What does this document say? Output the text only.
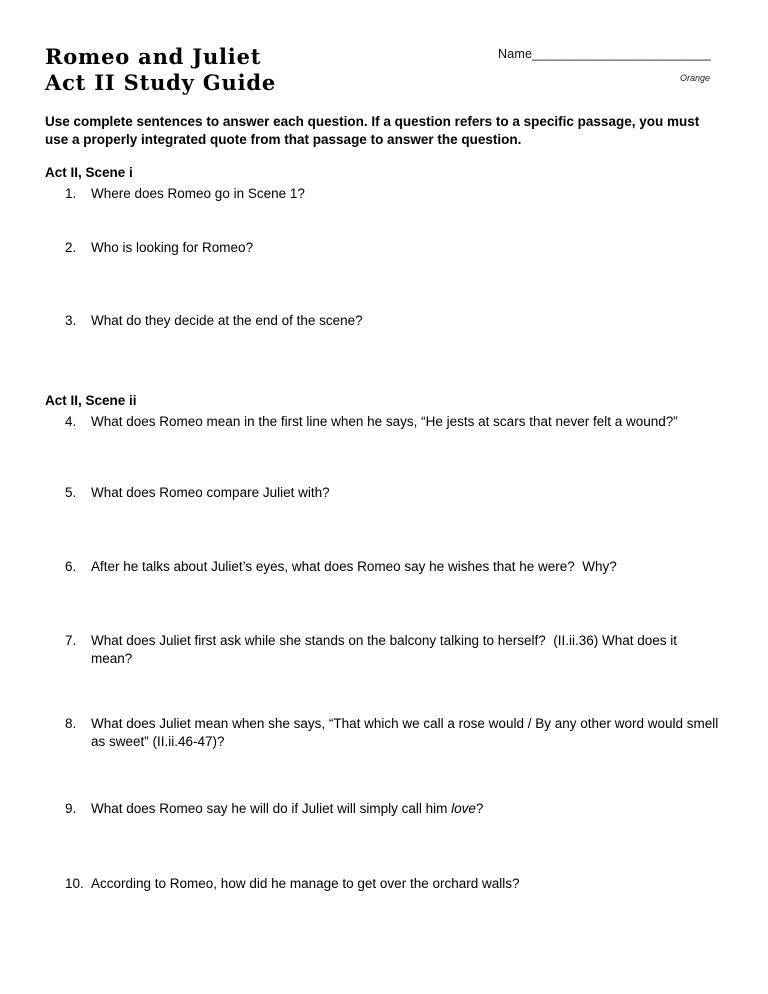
Romeo and Juliet
Act II Study Guide
Name_________________________
Orange

Use complete sentences to answer each question. If a question refers to a specific passage, you must use a properly integrated quote from that passage to answer the question.

Act II, Scene i
1.	Where does Romeo go in Scene 1?
2.	Who is looking for Romeo?
3.	What do they decide at the end of the scene?
Act II, Scene ii
4.	What does Romeo mean in the first line when he says, “He jests at scars that never felt a wound?”
5.	What does Romeo compare Juliet with?
6.	After he talks about Juliet’s eyes, what does Romeo say he wishes that he were?  Why?
7.	What does Juliet first ask while she stands on the balcony talking to herself?  (II.ii.36) What does it mean?
8.	What does Juliet mean when she says, “That which we call a rose would / By any other word would smell as sweet” (II.ii.46-47)?
9.	What does Romeo say he will do if Juliet will simply call him love?
10. According to Romeo, how did he manage to get over the orchard walls?
